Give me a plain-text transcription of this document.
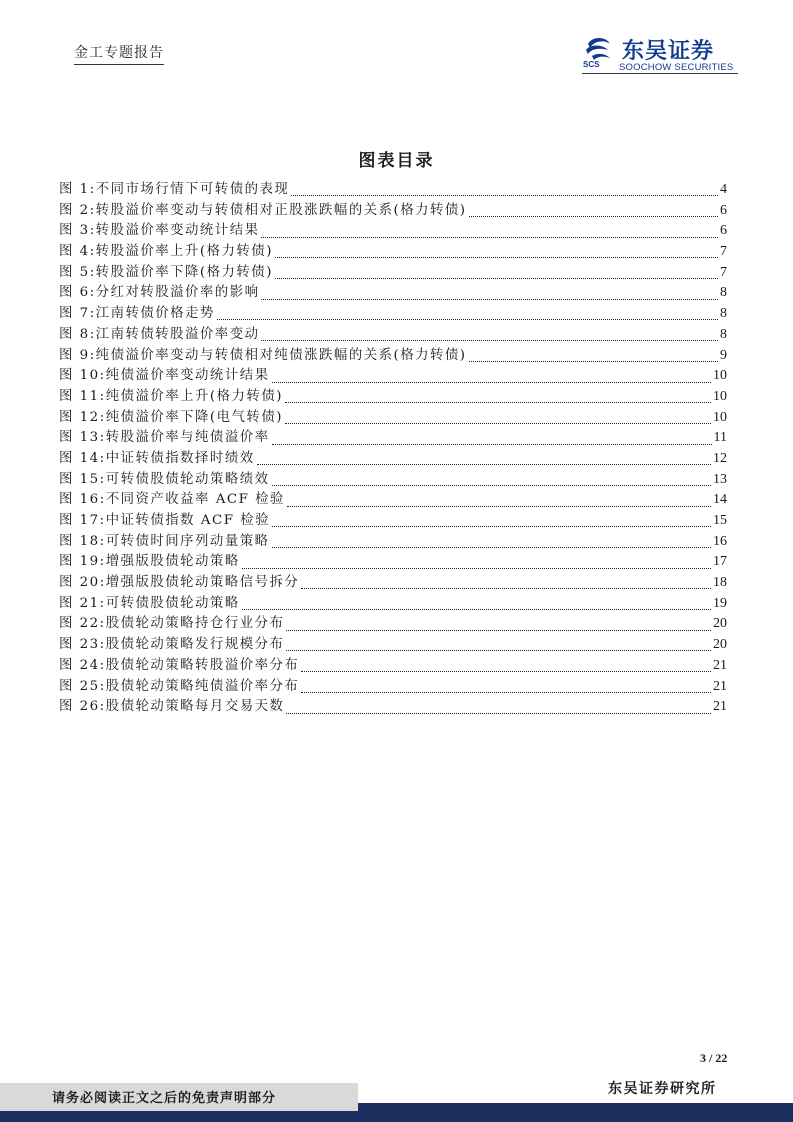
金工专题报告
SCS
东吴证券
SOOCHOW SECURITIES
图表目录
图 1:不同市场行情下可转债的表现	4
图 2:转股溢价率变动与转债相对正股涨跌幅的关系(格力转债)	6
图 3:转股溢价率变动统计结果	6
图 4:转股溢价率上升(格力转债)	7
图 5:转股溢价率下降(格力转债)	7
图 6:分红对转股溢价率的影响	8
图 7:江南转债价格走势	8
图 8:江南转债转股溢价率变动	8
图 9:纯债溢价率变动与转债相对纯债涨跌幅的关系(格力转债)	9
图 10:纯债溢价率变动统计结果	10
图 11:纯债溢价率上升(格力转债)	10
图 12:纯债溢价率下降(电气转债)	10
图 13:转股溢价率与纯债溢价率	11
图 14:中证转债指数择时绩效	12
图 15:可转债股债轮动策略绩效	13
图 16:不同资产收益率 ACF 检验	14
图 17:中证转债指数 ACF 检验	15
图 18:可转债时间序列动量策略	16
图 19:增强版股债轮动策略	17
图 20:增强版股债轮动策略信号拆分	18
图 21:可转债股债轮动策略	19
图 22:股债轮动策略持仓行业分布	20
图 23:股债轮动策略发行规模分布	20
图 24:股债轮动策略转股溢价率分布	21
图 25:股债轮动策略纯债溢价率分布	21
图 26:股债轮动策略每月交易天数	21
3 / 22
请务必阅读正文之后的免责声明部分
东吴证券研究所
